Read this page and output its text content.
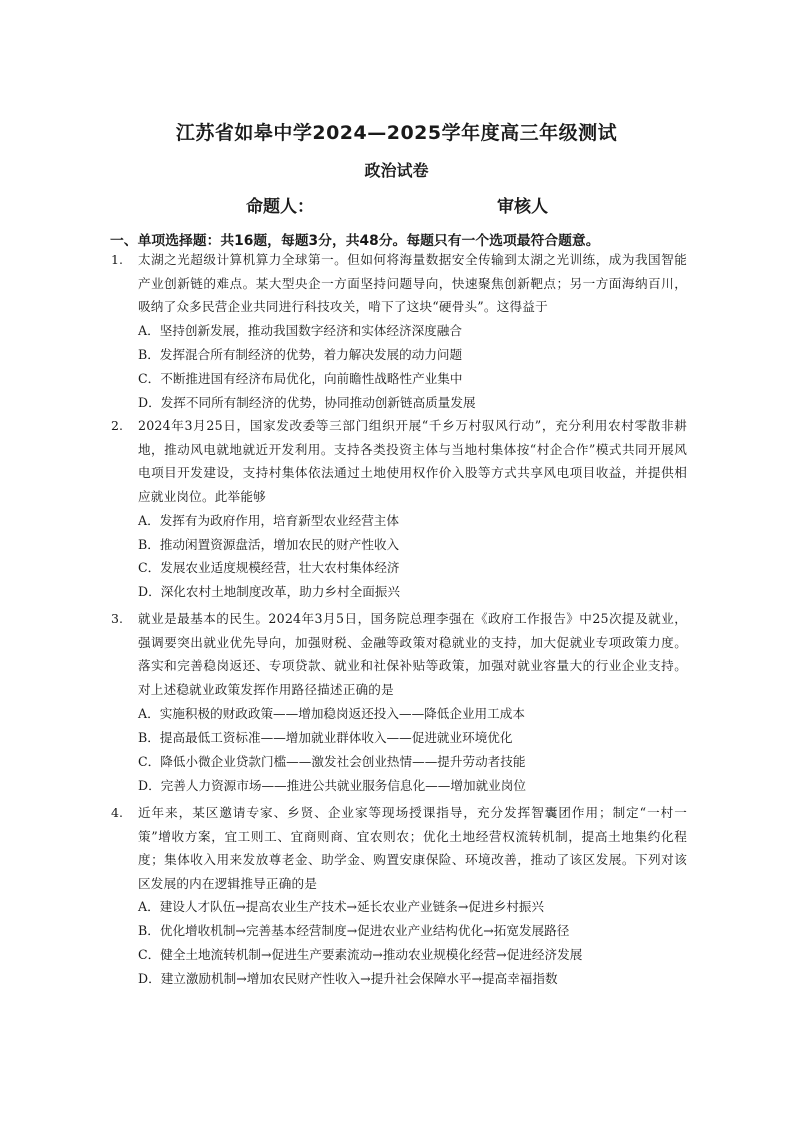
江苏省如皋中学2024—2025学年度高三年级测试
政治试卷
命题人：	审核人
一、单项选择题：共16题，每题3分，共48分。每题只有一个选项最符合题意。
1. 太湖之光超级计算机算力全球第一。但如何将海量数据安全传输到太湖之光训练，成为我国智能产业创新链的难点。某大型央企一方面坚持问题导向，快速聚焦创新靶点；另一方面海纳百川，吸纳了众多民营企业共同进行科技攻关，啃下了这块“硬骨头”。这得益于
A．坚持创新发展，推动我国数字经济和实体经济深度融合
B．发挥混合所有制经济的优势，着力解决发展的动力问题
C．不断推进国有经济布局优化，向前瞻性战略性产业集中
D．发挥不同所有制经济的优势，协同推动创新链高质量发展
2. 2024年3月25日，国家发改委等三部门组织开展“千乡万村驭风行动”，充分利用农村零散非耕地，推动风电就地就近开发利用。支持各类投资主体与当地村集体按“村企合作”模式共同开展风电项目开发建设，支持村集体依法通过土地使用权作价入股等方式共享风电项目收益，并提供相应就业岗位。此举能够
A．发挥有为政府作用，培育新型农业经营主体
B．推动闲置资源盘活，增加农民的财产性收入
C．发展农业适度规模经营，壮大农村集体经济
D．深化农村土地制度改革，助力乡村全面振兴
3. 就业是最基本的民生。2024年3月5日，国务院总理李强在《政府工作报告》中25次提及就业，强调要突出就业优先导向，加强财税、金融等政策对稳就业的支持，加大促就业专项政策力度。落实和完善稳岗返还、专项贷款、就业和社保补贴等政策，加强对就业容量大的行业企业支持。对上述稳就业政策发挥作用路径描述正确的是
A．实施积极的财政政策——增加稳岗返还投入——降低企业用工成本
B．提高最低工资标准——增加就业群体收入——促进就业环境优化
C．降低小微企业贷款门槛——激发社会创业热情——提升劳动者技能
D．完善人力资源市场——推进公共就业服务信息化——增加就业岗位
4. 近年来，某区邀请专家、乡贤、企业家等现场授课指导，充分发挥智囊团作用；制定“一村一策”增收方案，宜工则工、宜商则商、宜农则农；优化土地经营权流转机制，提高土地集约化程度；集体收入用来发放尊老金、助学金、购置安康保险、环境改善，推动了该区发展。下列对该区发展的内在逻辑推导正确的是
A．建设人才队伍→提高农业生产技术→延长农业产业链条→促进乡村振兴
B．优化增收机制→完善基本经营制度→促进农业产业结构优化→拓宽发展路径
C．健全土地流转机制→促进生产要素流动→推动农业规模化经营→促进经济发展
D．建立激励机制→增加农民财产性收入→提升社会保障水平→提高幸福指数
